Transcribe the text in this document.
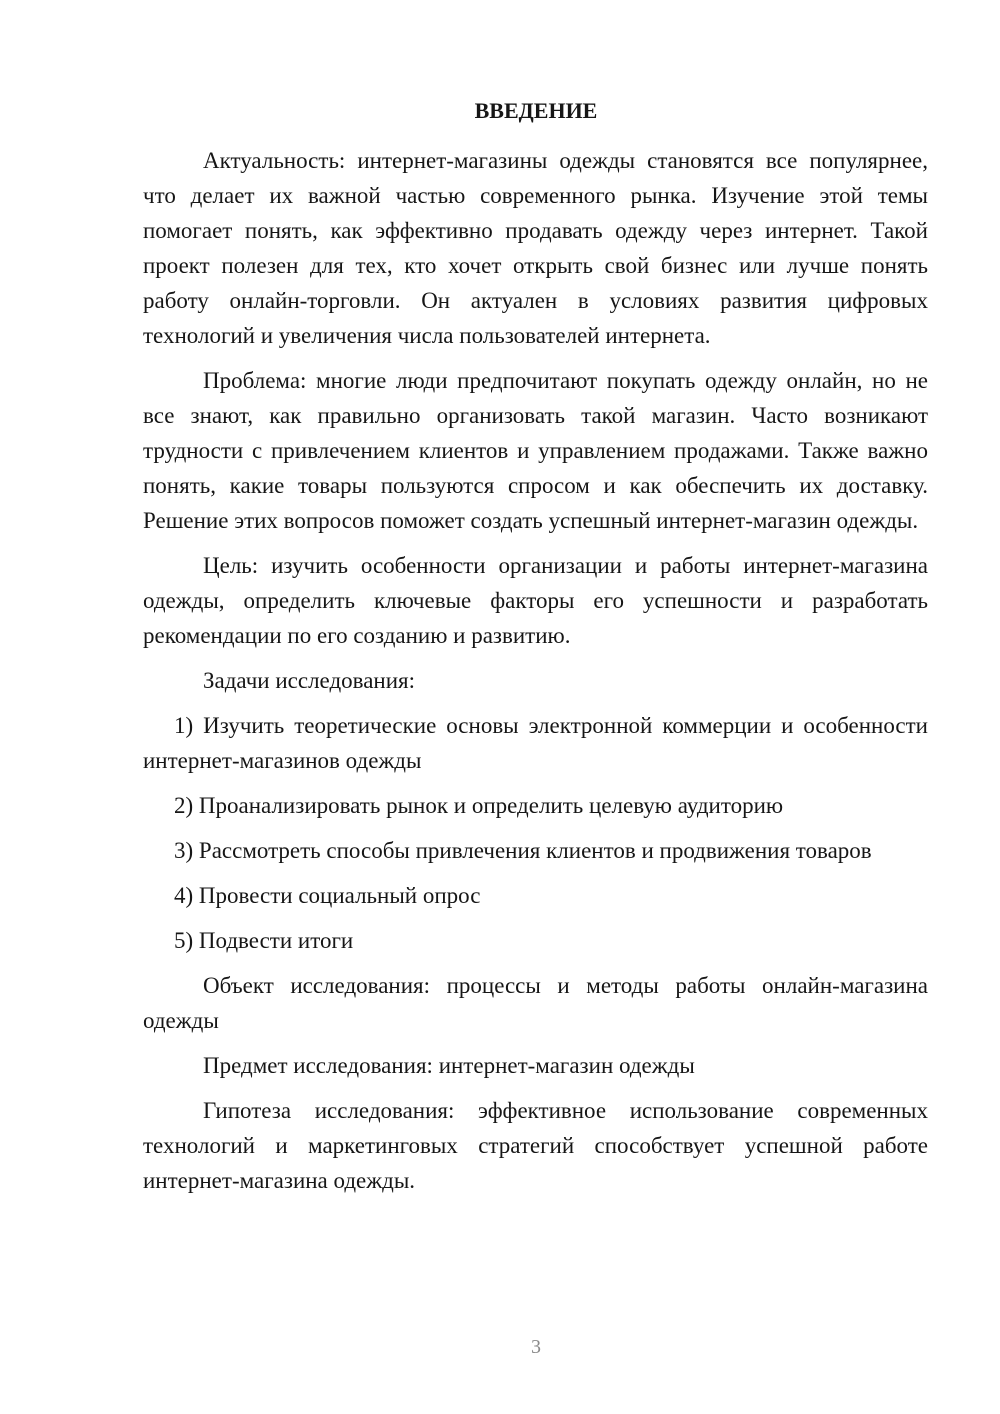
ВВЕДЕНИЕ

Актуальность: интернет-магазины одежды становятся все популярнее, что делает их важной частью современного рынка. Изучение этой темы помогает понять, как эффективно продавать одежду через интернет. Такой проект полезен для тех, кто хочет открыть свой бизнес или лучше понять работу онлайн-торговли. Он актуален в условиях развития цифровых технологий и увеличения числа пользователей интернета.

Проблема: многие люди предпочитают покупать одежду онлайн, но не все знают, как правильно организовать такой магазин. Часто возникают трудности с привлечением клиентов и управлением продажами. Также важно понять, какие товары пользуются спросом и как обеспечить их доставку. Решение этих вопросов поможет создать успешный интернет-магазин одежды.

Цель: изучить особенности организации и работы интернет-магазина одежды, определить ключевые факторы его успешности и разработать рекомендации по его созданию и развитию.

Задачи исследования:

1) Изучить теоретические основы электронной коммерции и особенности интернет-магазинов одежды

2) Проанализировать рынок и определить целевую аудиторию

3) Рассмотреть способы привлечения клиентов и продвижения товаров

4) Провести социальный опрос

5) Подвести итоги

Объект исследования: процессы и методы работы онлайн-магазина одежды

Предмет исследования: интернет-магазин одежды

Гипотеза исследования: эффективное использование современных технологий и маркетинговых стратегий способствует успешной работе интернет-магазина одежды.

3
